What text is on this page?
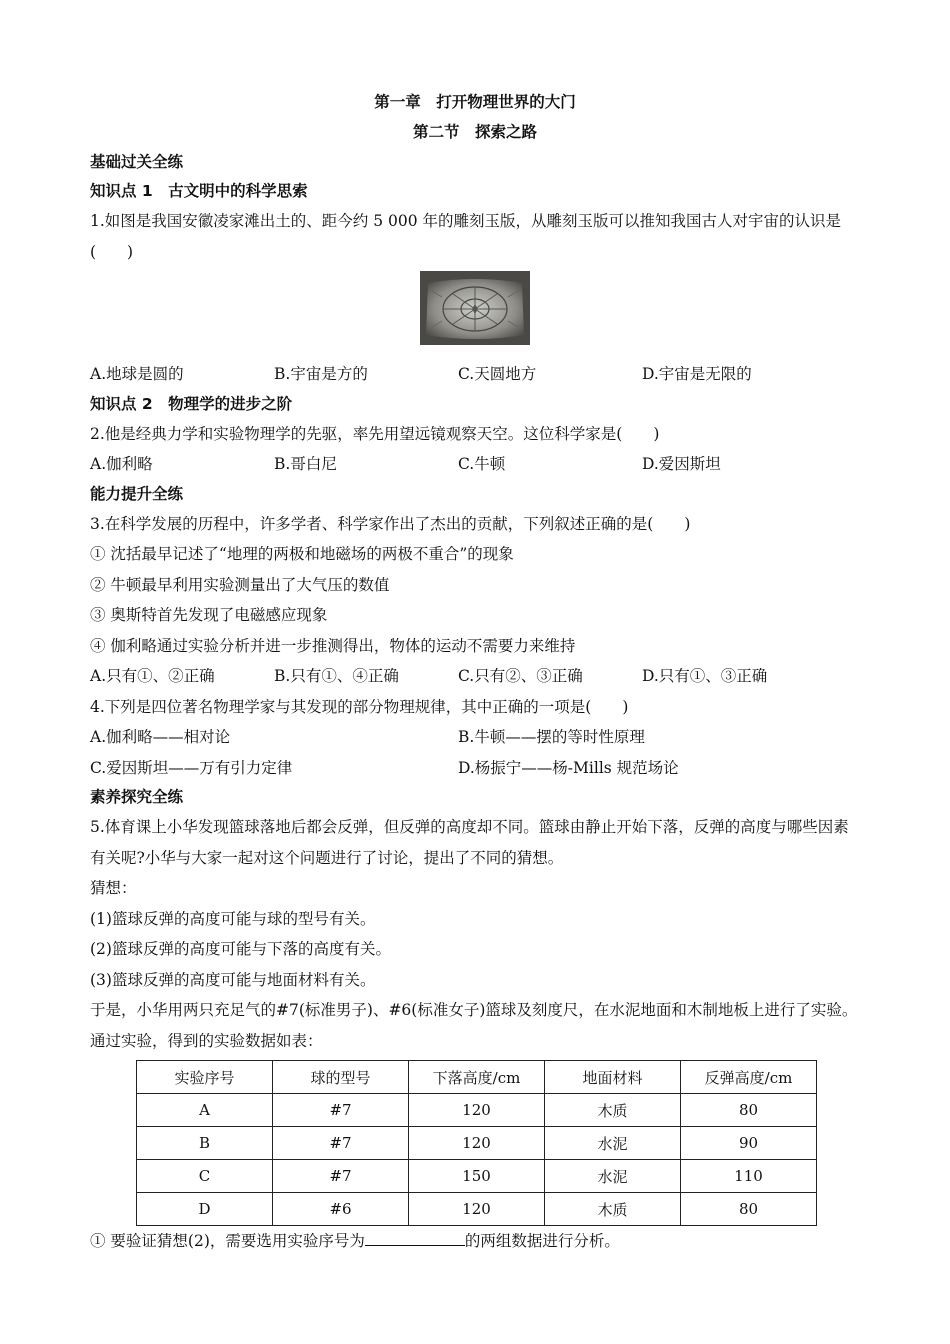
第一章　打开物理世界的大门
第二节　探索之路
基础过关全练
知识点 1　古文明中的科学思索
1.如图是我国安徽凌家滩出土的、距今约 5 000 年的雕刻玉版，从雕刻玉版可以推知我国古人对宇宙的认识是(　　)
A.地球是圆的	B.宇宙是方的	C.天圆地方	D.宇宙是无限的
知识点 2　物理学的进步之阶
2.他是经典力学和实验物理学的先驱，率先用望远镜观察天空。这位科学家是(　　)
A.伽利略	B.哥白尼	C.牛顿	D.爱因斯坦
能力提升全练
3.在科学发展的历程中，许多学者、科学家作出了杰出的贡献，下列叙述正确的是(　　)
① 沈括最早记述了“地理的两极和地磁场的两极不重合”的现象
② 牛顿最早利用实验测量出了大气压的数值
③ 奥斯特首先发现了电磁感应现象
④ 伽利略通过实验分析并进一步推测得出，物体的运动不需要力来维持
A.只有①、②正确	B.只有①、④正确	C.只有②、③正确	D.只有①、③正确
4.下列是四位著名物理学家与其发现的部分物理规律，其中正确的一项是(　　)
A.伽利略——相对论	B.牛顿——摆的等时性原理
C.爱因斯坦——万有引力定律	D.杨振宁——杨-Mills 规范场论
素养探究全练
5.体育课上小华发现篮球落地后都会反弹，但反弹的高度却不同。篮球由静止开始下落，反弹的高度与哪些因素有关呢?小华与大家一起对这个问题进行了讨论，提出了不同的猜想。
猜想：
(1)篮球反弹的高度可能与球的型号有关。
(2)篮球反弹的高度可能与下落的高度有关。
(3)篮球反弹的高度可能与地面材料有关。
于是，小华用两只充足气的#7(标准男子)、#6(标准女子)篮球及刻度尺，在水泥地面和木制地板上进行了实验。通过实验，得到的实验数据如表：
实验序号	球的型号	下落高度/cm	地面材料	反弹高度/cm
A	#7	120	木质	80
B	#7	120	水泥	90
C	#7	150	水泥	110
D	#6	120	木质	80
① 要验证猜想(2)，需要选用实验序号为	的两组数据进行分析。
